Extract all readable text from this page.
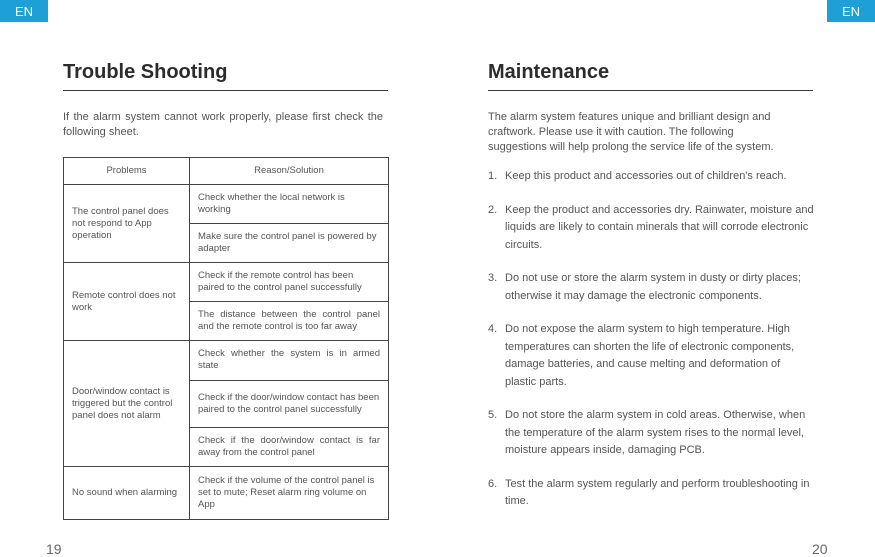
EN	EN
Trouble Shooting

If the alarm system cannot work properly, please first check the following sheet.

Problems	Reason/Solution
The control panel does not respond to App operation	Check whether the local network is working
	Make sure the control panel is powered by adapter
Remote control does not work	Check if the remote control has been paired to the control panel successfully
	The distance between the control panel and the remote control is too far away
Door/window contact is triggered but the control panel does not alarm	Check whether the system is in armed state
	Check if the door/window contact has been paired to the control panel successfully
	Check if the door/window contact is far away from the control panel
No sound when alarming	Check if the volume of the control panel is set to mute; Reset alarm ring volume on App
Maintenance

The alarm system features unique and brilliant design and craftwork. Please use it with caution. The following suggestions will help prolong the service life of the system.

1. Keep this product and accessories out of children's reach.
2. Keep the product and accessories dry. Rainwater, moisture and liquids are likely to contain minerals that will corrode electronic circuits.
3. Do not use or store the alarm system in dusty or dirty places; otherwise it may damage the electronic components.
4. Do not expose the alarm system to high temperature. High temperatures can shorten the life of electronic components, damage batteries, and cause melting and deformation of plastic parts.
5. Do not store the alarm system in cold areas. Otherwise, when the temperature of the alarm system rises to the normal level, moisture appears inside, damaging PCB.
6. Test the alarm system regularly and perform troubleshooting in time.
19	20
